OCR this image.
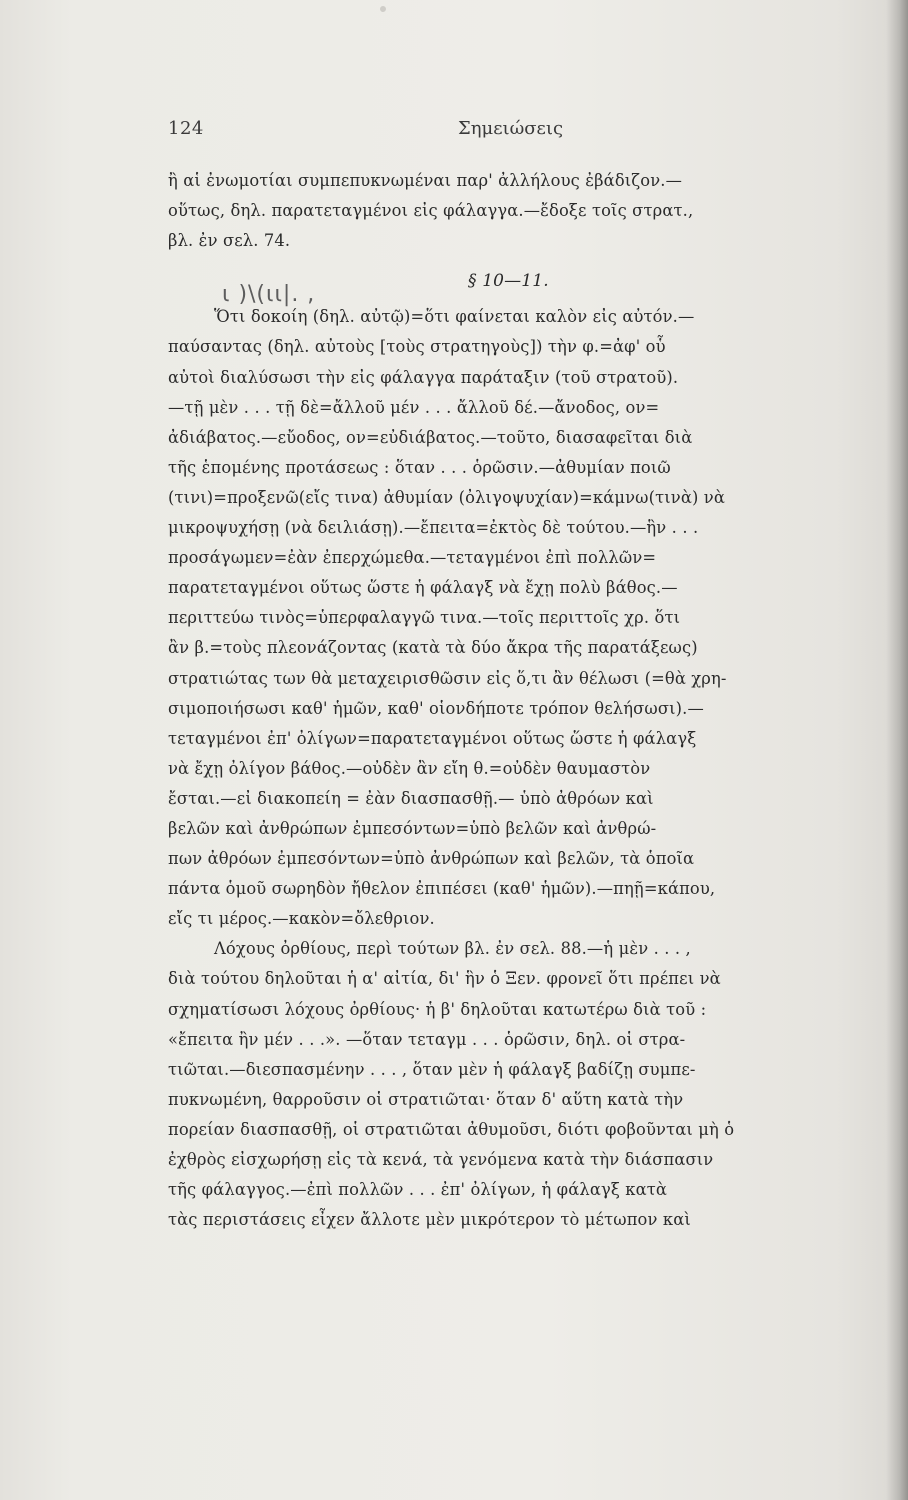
124	Σημειώσεις
ι )\(ιι|. ,
ἢ αἱ ἐνωμοτίαι συμπεπυκνωμέναι παρ' ἀλλήλους ἐβάδιζον.—
οὕτως, δηλ. παρατεταγμένοι εἰς φάλαγγα.—ἔδοξε τοῖς στρατ.,
βλ. ἐν σελ. 74.
§ 10—11.
Ὅτι δοκοίη (δηλ. αὐτῷ)=ὅτι φαίνεται καλὸν εἰς αὐτόν.—
παύσαντας (δηλ. αὐτοὺς [τοὺς στρατηγοὺς]) τὴν φ.=ἀφ' οὗ
αὐτοὶ διαλύσωσι τὴν εἰς φάλαγγα παράταξιν (τοῦ στρατοῦ).
—τῇ μὲν . . . τῇ δὲ=ἄλλοῦ μέν . . . ἄλλοῦ δέ.—ἄνοδος, ον=
ἀδιάβατος.—εὔοδος, ον=εὐδιάβατος.—τοῦτο, διασαφεῖται διὰ
τῆς ἑπομένης προτάσεως : ὅταν . . . ὁρῶσιν.—ἀθυμίαν ποιῶ
(τινι)=προξενῶ(εἴς τινα) ἀθυμίαν (ὀλιγοψυχίαν)=κάμνω(τινὰ) νὰ
μικροψυχήσῃ (νὰ δειλιάσῃ).—ἔπειτα=ἐκτὸς δὲ τούτου.—ἣν . . .
προσάγωμεν=ἐὰν ἐπερχώμεθα.—τεταγμένοι ἐπὶ πολλῶν=
παρατεταγμένοι οὕτως ὥστε ἡ φάλαγξ νὰ ἔχῃ πολὺ βάθος.—
περιττεύω τινὸς=ὑπερφαλαγγῶ τινα.—τοῖς περιττοῖς χρ. ὅτι
ἂν β.=τοὺς πλεονάζοντας (κατὰ τὰ δύο ἄκρα τῆς παρατάξεως)
στρατιώτας των θὰ μεταχειρισθῶσιν εἰς ὅ,τι ἂν θέλωσι (=θὰ χρη-
σιμοποιήσωσι καθ' ἡμῶν, καθ' οἱονδήποτε τρόπον θελήσωσι).—
τεταγμένοι ἐπ' ὀλίγων=παρατεταγμένοι οὕτως ὥστε ἡ φάλαγξ
νὰ ἔχῃ ὀλίγον βάθος.—οὐδὲν ἂν εἴη θ.=οὐδὲν θαυμαστὸν
ἔσται.—εἰ διακοπείη = ἐὰν διασπασθῇ.— ὑπὸ ἀθρόων καὶ
βελῶν καὶ ἀνθρώπων ἐμπεσόντων=ὑπὸ βελῶν καὶ ἀνθρώ-
πων ἀθρόων ἐμπεσόντων=ὑπὸ ἀνθρώπων καὶ βελῶν, τὰ ὁποῖα
πάντα ὁμοῦ σωρηδὸν ἤθελον ἐπιπέσει (καθ' ἡμῶν).—πηῇ=κάπου,
εἴς τι μέρος.—κακὸν=ὄλεθριον.
Λόχους ὀρθίους, περὶ τούτων βλ. ἐν σελ. 88.—ἡ μὲν . . . ,
διὰ τούτου δηλοῦται ἡ α' αἰτία, δι' ἣν ὁ Ξεν. φρονεῖ ὅτι πρέπει νὰ
σχηματίσωσι λόχους ὀρθίους· ἡ β' δηλοῦται κατωτέρω διὰ τοῦ :
«ἔπειτα ἢν μέν . . .». —ὅταν τεταγμ . . . ὁρῶσιν, δηλ. οἱ στρα-
τιῶται.—διεσπασμένην . . . , ὅταν μὲν ἡ φάλαγξ βαδίζῃ συμπε-
πυκνωμένη, θαρροῦσιν οἱ στρατιῶται· ὅταν δ' αὕτη κατὰ τὴν
πορείαν διασπασθῇ, οἱ στρατιῶται ἀθυμοῦσι, διότι φοβοῦνται μὴ ὁ
ἐχθρὸς εἰσχωρήσῃ εἰς τὰ κενά, τὰ γενόμενα κατὰ τὴν διάσπασιν
τῆς φάλαγγος.—ἐπὶ πολλῶν . . . ἐπ' ὀλίγων, ἡ φάλαγξ κατὰ
τὰς περιστάσεις εἶχεν ἄλλοτε μὲν μικρότερον τὸ μέτωπον καὶ
